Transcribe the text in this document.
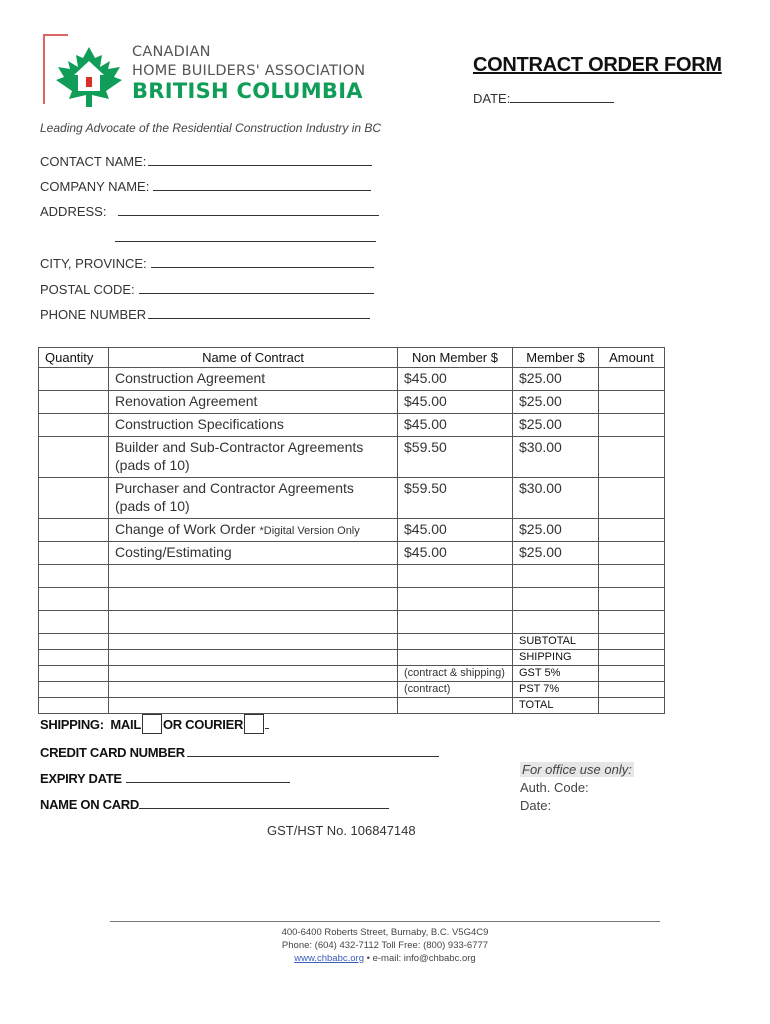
CANADIAN
HOME BUILDERS' ASSOCIATION
BRITISH COLUMBIA
Leading Advocate of the Residential Construction Industry in BC
CONTRACT ORDER FORM
DATE:
CONTACT NAME:
COMPANY NAME:
ADDRESS:
CITY, PROVINCE:
POSTAL CODE:
PHONE NUMBER
Quantity	Name of Contract	Non Member $	Member $	Amount
	Construction Agreement	$45.00	$25.00	
	Renovation Agreement	$45.00	$25.00	
	Construction Specifications	$45.00	$25.00	
	Builder and Sub-Contractor Agreements (pads of 10)	$59.50	$30.00	
	Purchaser and Contractor Agreements (pads of 10)	$59.50	$30.00	
	Change of Work Order *Digital Version Only	$45.00	$25.00	
	Costing/Estimating	$45.00	$25.00	

			SUBTOTAL	
			SHIPPING	
		(contract & shipping)	GST 5%	
		(contract)	PST 7%	
			TOTAL	
SHIPPING: MAIL OR COURIER
CREDIT CARD NUMBER
EXPIRY DATE
NAME ON CARD
For office use only:
Auth. Code:
Date:
GST/HST No. 106847148
400-6400 Roberts Street, Burnaby, B.C. V5G4C9
Phone: (604) 432-7112 Toll Free: (800) 933-6777
www.chbabc.org • e-mail: info@chbabc.org
